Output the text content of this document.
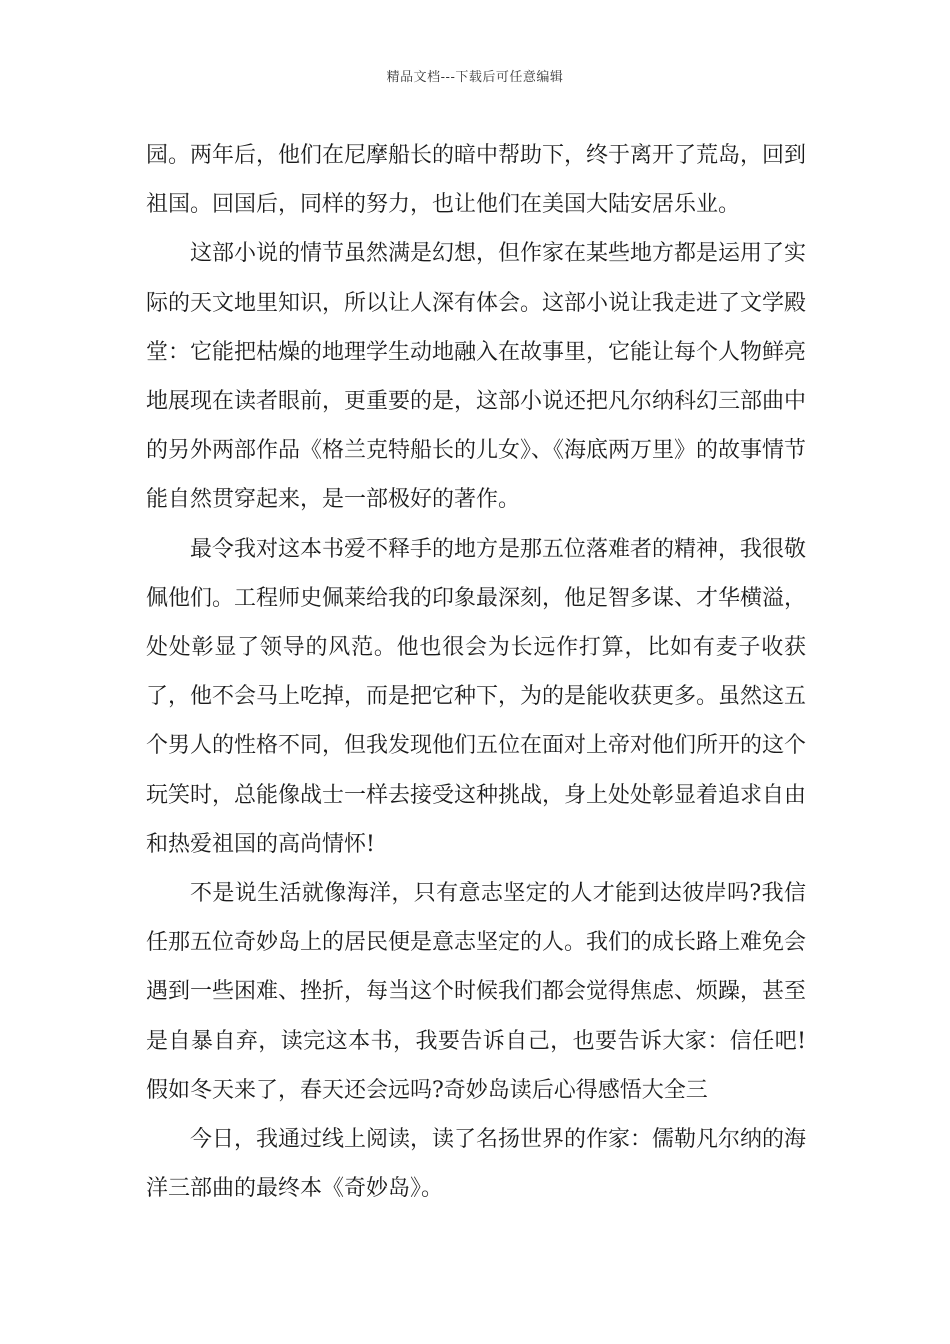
精品文档---下载后可任意编辑

园。两年后，他们在尼摩船长的暗中帮助下，终于离开了荒岛，回到祖国。回国后，同样的努力，也让他们在美国大陆安居乐业。

这部小说的情节虽然满是幻想，但作家在某些地方都是运用了实际的天文地里知识，所以让人深有体会。这部小说让我走进了文学殿堂：它能把枯燥的地理学生动地融入在故事里，它能让每个人物鲜亮地展现在读者眼前，更重要的是，这部小说还把凡尔纳科幻三部曲中的另外两部作品《格兰克特船长的儿女》、《海底两万里》的故事情节能自然贯穿起来，是一部极好的著作。

最令我对这本书爱不释手的地方是那五位落难者的精神，我很敬佩他们。工程师史佩莱给我的印象最深刻，他足智多谋、才华横溢，处处彰显了领导的风范。他也很会为长远作打算，比如有麦子收获了，他不会马上吃掉，而是把它种下，为的是能收获更多。虽然这五个男人的性格不同，但我发现他们五位在面对上帝对他们所开的这个玩笑时，总能像战士一样去接受这种挑战，身上处处彰显着追求自由和热爱祖国的高尚情怀!

不是说生活就像海洋，只有意志坚定的人才能到达彼岸吗?我信任那五位奇妙岛上的居民便是意志坚定的人。我们的成长路上难免会遇到一些困难、挫折，每当这个时候我们都会觉得焦虑、烦躁，甚至是自暴自弃，读完这本书，我要告诉自己，也要告诉大家：信任吧!假如冬天来了，春天还会远吗?奇妙岛读后心得感悟大全三

今日，我通过线上阅读，读了名扬世界的作家：儒勒凡尔纳的海洋三部曲的最终本《奇妙岛》。
